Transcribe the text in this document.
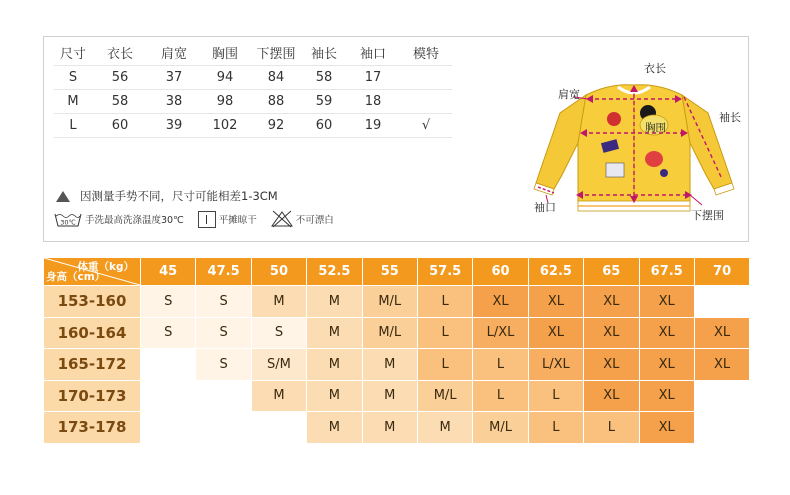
尺寸	衣长	肩宽	胸围	下摆围	袖长	袖口	模特
S	56	37	94	84	58	17	
M	58	38	98	88	59	18	
L	60	39	102	92	60	19	√
因测量手势不同，尺寸可能相差1-3CM
30℃ 手洗最高洗涤温度30℃	平摊晾干	不可漂白
衣长
肩宽
袖长
胸围
袖口
下摆围
体重（kg）
身高（cm）	45	47.5	50	52.5	55	57.5	60	62.5	65	67.5	70
153-160	S	S	M	M	M/L	L	XL	XL	XL	XL	
160-164	S	S	S	M	M/L	L	L/XL	XL	XL	XL	XL
165-172		S	S/M	M	M	L	L	L/XL	XL	XL	XL
170-173			M	M	M	M/L	L	L	XL	XL	
173-178				M	M	M	M/L	L	L	XL	
